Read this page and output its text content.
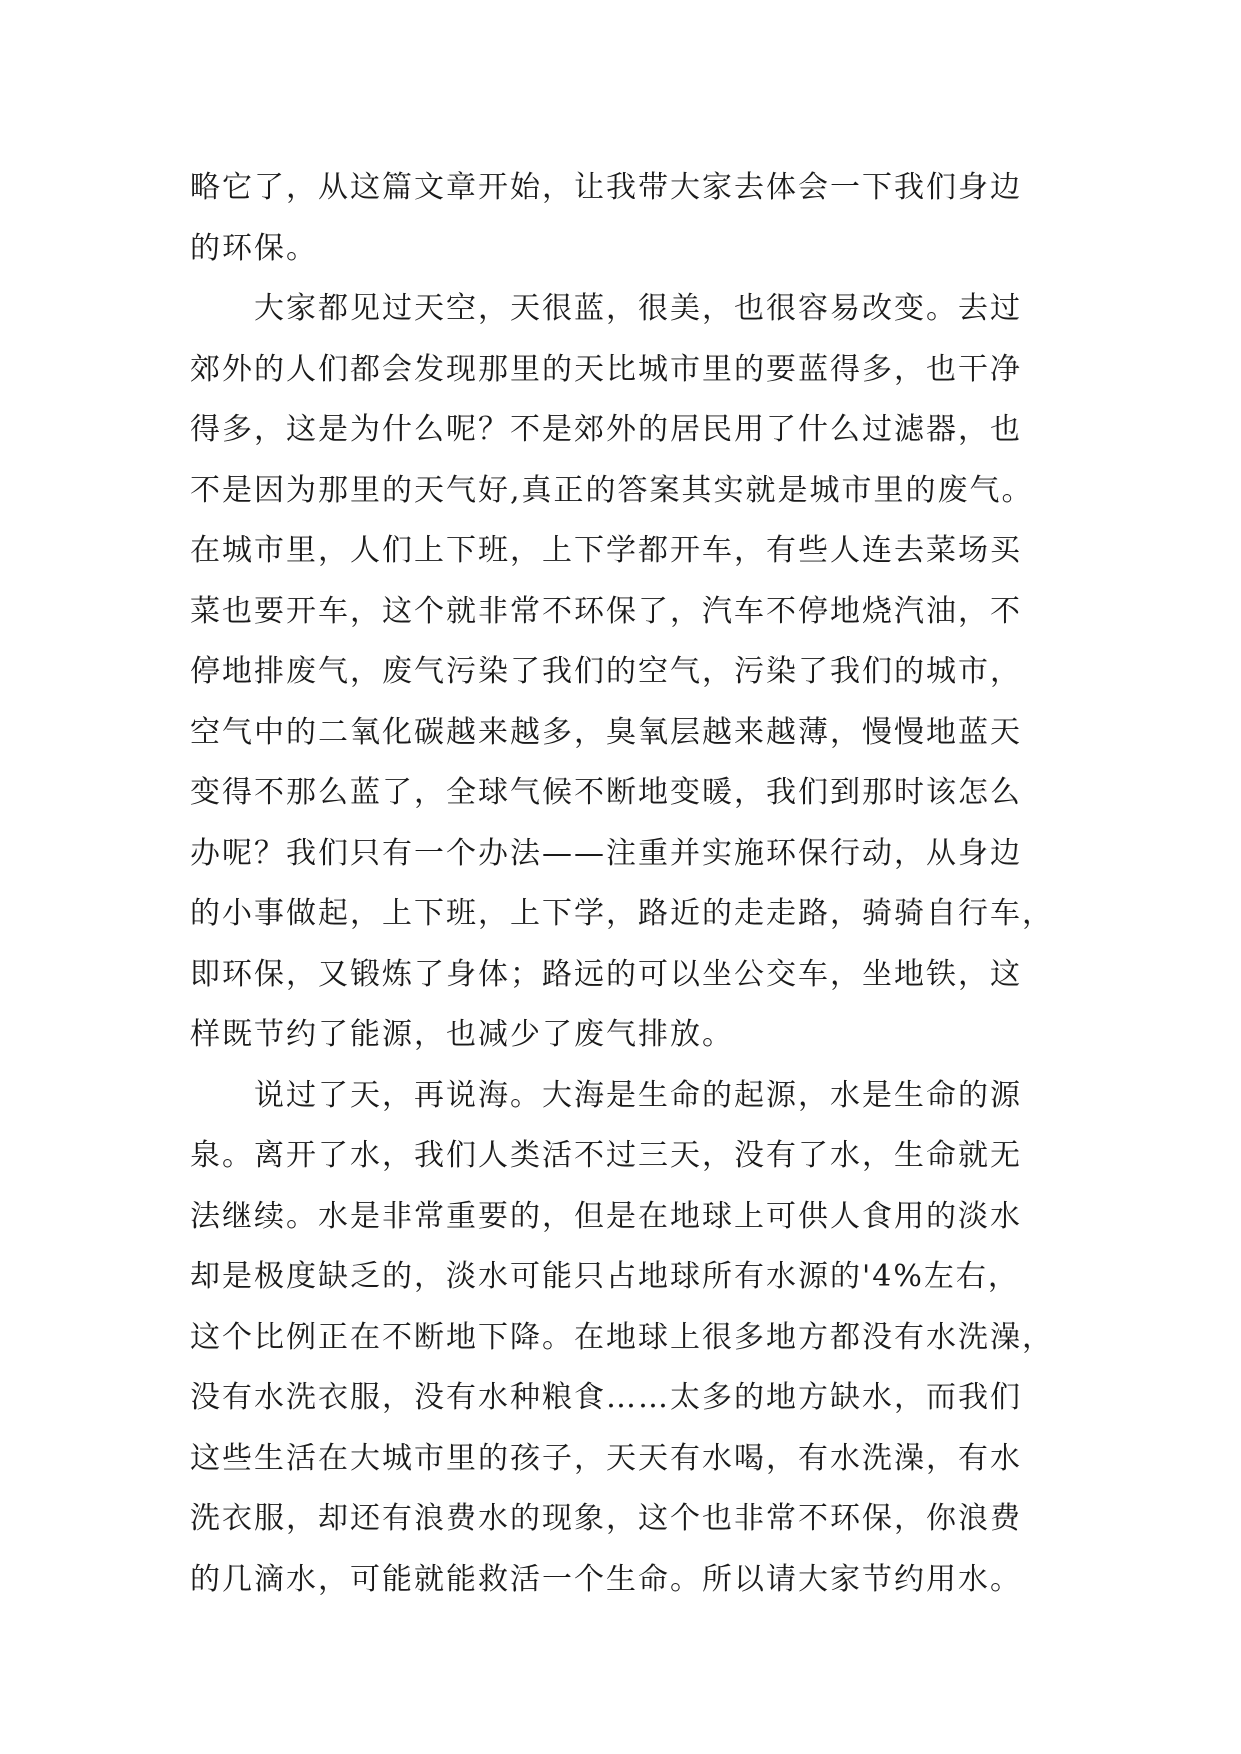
略它了，从这篇文章开始，让我带大家去体会一下我们身边
的环保。
　　大家都见过天空，天很蓝，很美，也很容易改变。去过
郊外的人们都会发现那里的天比城市里的要蓝得多，也干净
得多，这是为什么呢？不是郊外的居民用了什么过滤器，也
不是因为那里的天气好,真正的答案其实就是城市里的废气。
在城市里，人们上下班，上下学都开车，有些人连去菜场买
菜也要开车，这个就非常不环保了，汽车不停地烧汽油，不
停地排废气，废气污染了我们的空气，污染了我们的城市，
空气中的二氧化碳越来越多，臭氧层越来越薄，慢慢地蓝天
变得不那么蓝了，全球气候不断地变暖，我们到那时该怎么
办呢？我们只有一个办法——注重并实施环保行动，从身边
的小事做起，上下班，上下学，路近的走走路，骑骑自行车，
即环保，又锻炼了身体；路远的可以坐公交车，坐地铁，这
样既节约了能源，也减少了废气排放。
　　说过了天，再说海。大海是生命的起源，水是生命的源
泉。离开了水，我们人类活不过三天，没有了水，生命就无
法继续。水是非常重要的，但是在地球上可供人食用的淡水
却是极度缺乏的，淡水可能只占地球所有水源的'4%左右，
这个比例正在不断地下降。在地球上很多地方都没有水洗澡，
没有水洗衣服，没有水种粮食……太多的地方缺水，而我们
这些生活在大城市里的孩子，天天有水喝，有水洗澡，有水
洗衣服，却还有浪费水的现象，这个也非常不环保，你浪费
的几滴水，可能就能救活一个生命。所以请大家节约用水。
